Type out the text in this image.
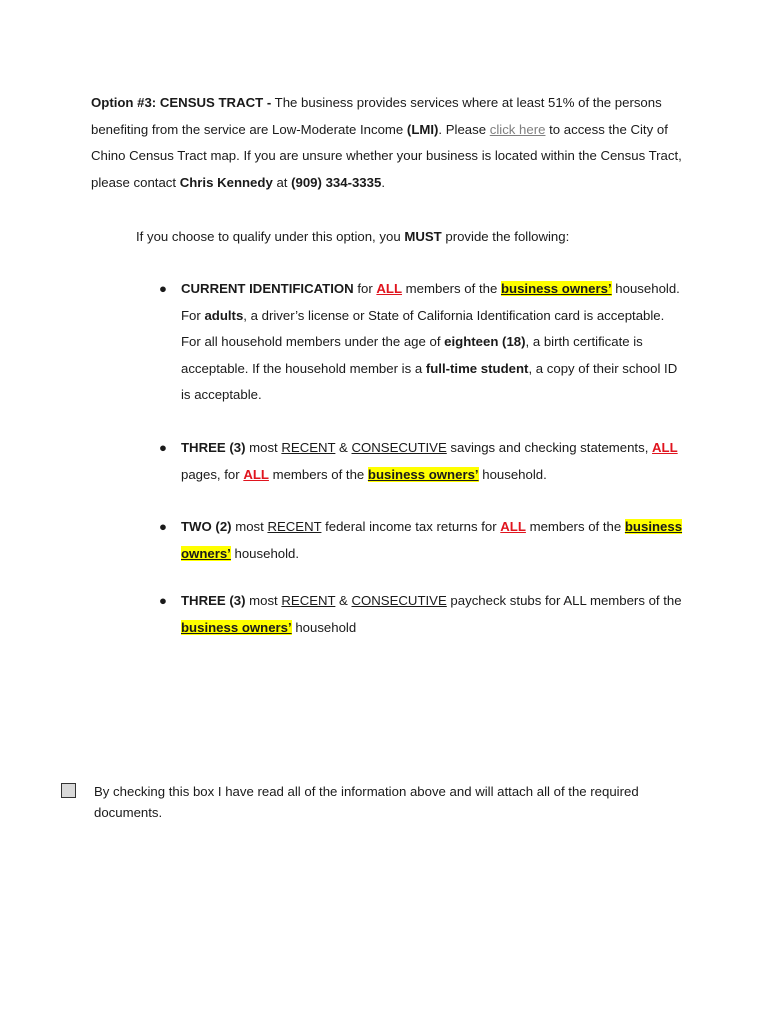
Option #3: CENSUS TRACT - The business provides services where at least 51% of the persons benefiting from the service are Low-Moderate Income (LMI). Please click here to access the City of Chino Census Tract map. If you are unsure whether your business is located within the Census Tract, please contact Chris Kennedy at (909) 334-3335.
If you choose to qualify under this option, you MUST provide the following:
● CURRENT IDENTIFICATION for ALL members of the business owners’ household. For adults, a driver’s license or State of California Identification card is acceptable. For all household members under the age of eighteen (18), a birth certificate is acceptable. If the household member is a full-time student, a copy of their school ID is acceptable.
● THREE (3) most RECENT & CONSECUTIVE savings and checking statements, ALL pages, for ALL members of the business owners’ household.
● TWO (2) most RECENT federal income tax returns for ALL members of the business owners’ household.
● THREE (3) most RECENT & CONSECUTIVE paycheck stubs for ALL members of the business owners’ household
By checking this box I have read all of the information above and will attach all of the required documents.
